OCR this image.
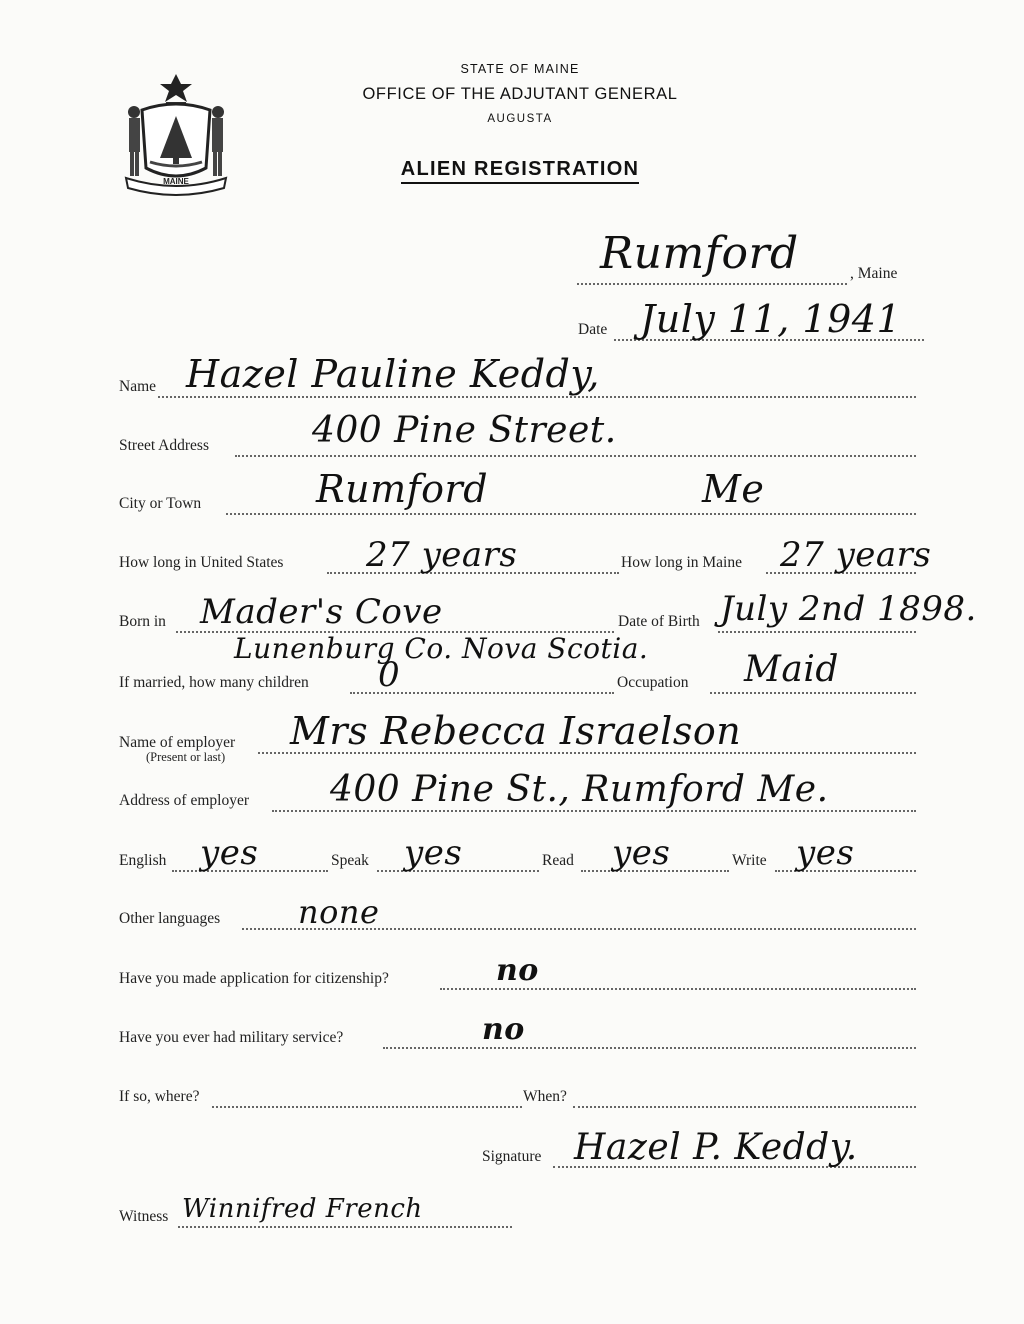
MAINE
STATE OF MAINE
OFFICE OF THE ADJUTANT GENERAL
AUGUSTA
ALIEN REGISTRATION
Rumford	, Maine
Date July 11, 1941
Name Hazel Pauline Keddy,
Street Address	400 Pine Street.
City or Town	Rumford	Me
How long in United States 27 years	How long in Maine 27 years
Born in Mader's Cove
Lunenburg Co. Nova Scotia.
Date of Birth July 2nd 1898.
If married, how many children 0	Occupation Maid
Name of employer
(Present or last)
Mrs Rebecca Israelson
Address of employer 400 Pine St., Rumford Me.
English yes	Speak yes	Read yes	Write yes
Other languages none
Have you made application for citizenship?	no
Have you ever had military service?	no
If so, where?	When?
Signature Hazel P. Keddy.
Witness Winnifred French
